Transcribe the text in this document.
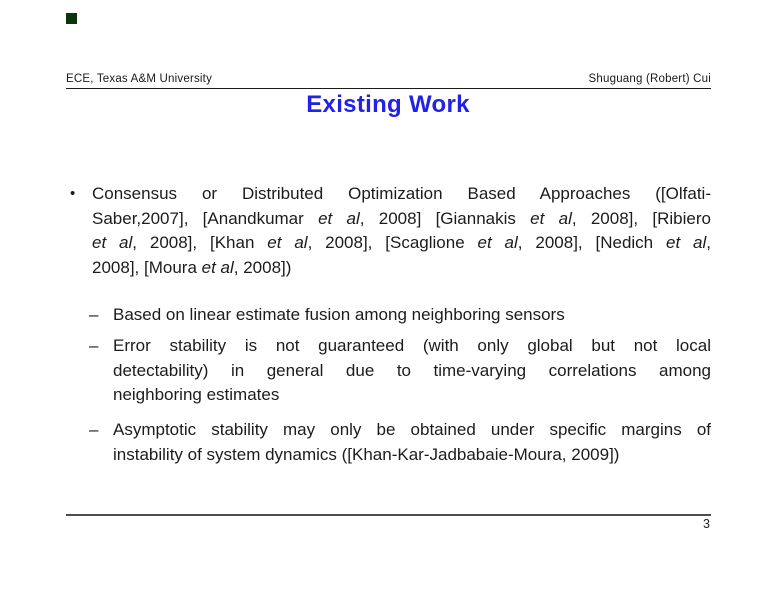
ECE, Texas A&M University	Shuguang (Robert) Cui
Existing Work
• Consensus or Distributed Optimization Based Approaches ([Olfati-
Saber,2007], [Anandkumar et al, 2008] [Giannakis et al, 2008], [Ribiero
et al, 2008], [Khan et al, 2008], [Scaglione et al, 2008], [Nedich et al,
2008], [Moura et al, 2008])
– Based on linear estimate fusion among neighboring sensors
– Error stability is not guaranteed (with only global but not local
detectability) in general due to time-varying correlations among
neighboring estimates
– Asymptotic stability may only be obtained under specific margins of
instability of system dynamics ([Khan-Kar-Jadbabaie-Moura, 2009])
3
